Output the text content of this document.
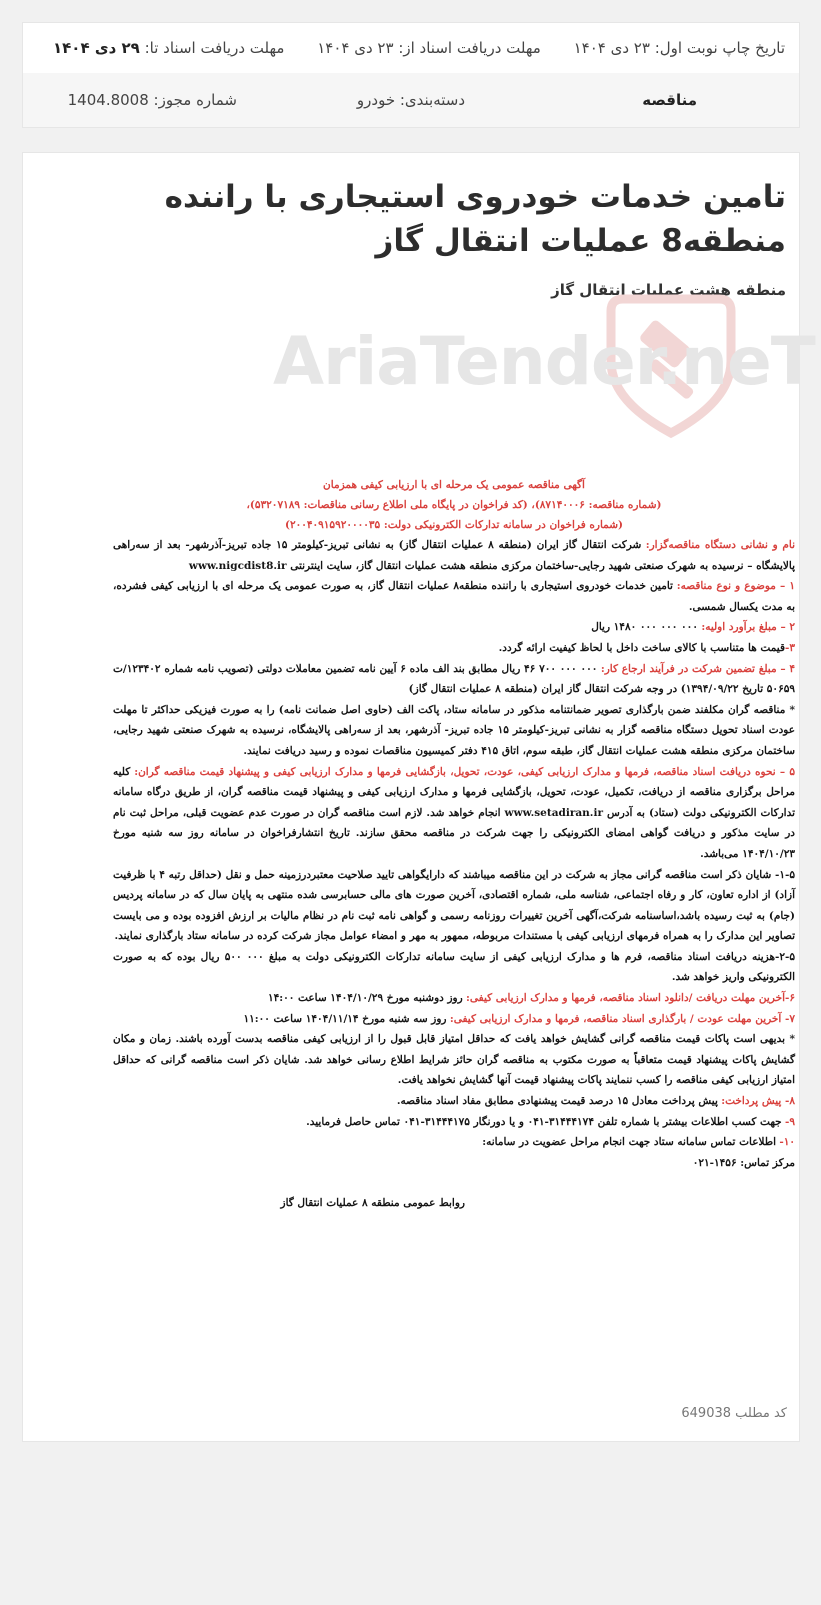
تاریخ چاپ نوبت اول: ۲۳ دی ۱۴۰۴
مهلت دریافت اسناد از: ۲۳ دی ۱۴۰۴
مهلت دریافت اسناد تا: ۲۹ دی ۱۴۰۴
مناقصه
دسته‌بندی: خودرو
شماره مجوز: 1404.8008
تامین خدمات خودروی استیجاری با راننده منطقه8 عملیات انتقال گاز
منطقه هشت عملیات انتقال گاز
AriaTender.neT
آگهی مناقصه عمومی یک مرحله ای با ارزیابی کیفی همزمان
(شماره مناقصه: ۸۷۱۴۰۰۰۶)، (کد فراخوان در پایگاه ملی اطلاع رسانی مناقصات: ۵۳۲۰۷۱۸۹)،
(شماره فراخوان در سامانه تدارکات الکترونیکی دولت: ۲۰۰۴۰۹۱۵۹۲۰۰۰۰۳۵)

نام و نشانی دستگاه مناقصه‌گزار: شرکت انتقال گاز ایران (منطقه ۸ عملیات انتقال گاز) به نشانی تبریز-کیلومتر ۱۵ جاده تبریز-آذرشهر- بعد از سه‌راهی پالایشگاه – نرسیده به شهرک صنعتی شهید رجایی-ساختمان مرکزی منطقه هشت عملیات انتقال گاز، سایت اینترنتی www.nigcdist8.ir

۱ – موضوع و نوع مناقصه: تامین خدمات خودروی استیجاری با راننده منطقه۸ عملیات انتقال گاز، به صورت عمومی یک مرحله ای با ارزیابی کیفی فشرده، به مدت یکسال شمسی.

۲ – مبلغ برآورد اولیه: ۰۰۰ ۰۰۰ ۰۰۰ ۱۴۸۰ ریال

۳-قیمت ها متناسب با کالای ساخت داخل با لحاظ کیفیت ارائه گردد.

۴ – مبلغ تضمین شرکت در فرآیند ارجاع کار: ۰۰۰ ۰۰۰ ۷۰۰ ۴۶ ریال مطابق بند الف ماده ۶ آیین نامه تضمین معاملات دولتی (تصویب نامه شماره ۱۲۳۴۰۲/ت ۵۰۶۵۹ تاریخ ۱۳۹۴/۰۹/۲۲) در وجه شرکت انتقال گاز ایران (منطقه ۸ عملیات انتقال گاز)

* مناقصه گران مکلفند ضمن بارگذاری تصویر ضمانتنامه مذکور در سامانه ستاد، پاکت الف (حاوی اصل ضمانت نامه) را به صورت فیزیکی حداکثر تا مهلت عودت اسناد تحویل دستگاه مناقصه گزار به نشانی تبریز-کیلومتر ۱۵ جاده تبریز- آذرشهر، بعد از سه‌راهی پالایشگاه، نرسیده به شهرک صنعتی شهید رجایی، ساختمان مرکزی منطقه هشت عملیات انتقال گاز، طبقه سوم، اتاق ۴۱۵ دفتر کمیسیون مناقصات نموده و رسید دریافت نمایند.

۵ – نحوه دریافت اسناد مناقصه، فرمها و مدارک ارزیابی کیفی، عودت، تحویل، بازگشایی فرمها و مدارک ارزیابی کیفی و پیشنهاد قیمت مناقصه گران: کلیه مراحل برگزاری مناقصه از دریافت، تکمیل، عودت، تحویل، بازگشایی فرمها و مدارک ارزیابی کیفی و پیشنهاد قیمت مناقصه گران، از طریق درگاه سامانه تدارکات الکترونیکی دولت (ستاد) به آدرس www.setadiran.ir انجام خواهد شد. لازم است مناقصه گران در صورت عدم عضویت قبلی، مراحل ثبت نام در سایت مذکور و دریافت گواهی امضای الکترونیکی را جهت شرکت در مناقصه محقق سازند. تاریخ انتشارفراخوان در سامانه روز سه شنبه مورخ ۱۴۰۴/۱۰/۲۳ می‌باشد.

۱-۵- شایان ذکر است مناقصه گرانی مجاز به شرکت در این مناقصه میباشند که دارایگواهی تایید صلاحیت معتبردرزمینه حمل و نقل (حداقل رتبه ۴ با ظرفیت آزاد) از اداره تعاون، کار و رفاه اجتماعی، شناسه ملی، شماره اقتصادی، آخرین صورت های مالی حسابرسی شده منتهی به پایان سال که در سامانه پردیس (جام) به ثبت رسیده باشد،اساسنامه شرکت،آگهی آخرین تغییرات روزنامه رسمی و گواهی نامه ثبت نام در نظام مالیات بر ارزش افزوده بوده و می بایست تصاویر این مدارک را به همراه فرمهای ارزیابی کیفی با مستندات مربوطه، ممهور به مهر و امضاء عوامل مجاز شرکت کرده در سامانه ستاد بارگذاری نمایند.

۲-۵-هزینه دریافت اسناد مناقصه، فرم ها و مدارک ارزیابی کیفی از سایت سامانه تدارکات الکترونیکی دولت به مبلغ ۰۰۰ ۵۰۰ ریال بوده که به صورت الکترونیکی واریز خواهد شد.

۶-آخرین مهلت دریافت /دانلود اسناد مناقصه، فرمها و مدارک ارزیابی کیفی: روز دوشنبه مورخ ۱۴۰۴/۱۰/۲۹ ساعت ۱۴:۰۰

۷- آخرین مهلت عودت / بارگذاری اسناد مناقصه، فرمها و مدارک ارزیابی کیفی: روز سه شنبه مورخ ۱۴۰۴/۱۱/۱۴ ساعت ۱۱:۰۰

* بدیهی است پاکات قیمت مناقصه گرانی گشایش خواهد یافت که حداقل امتیاز قابل قبول را از ارزیابی کیفی مناقصه بدست آورده باشند. زمان و مکان گشایش پاکات پیشنهاد قیمت متعاقباً به صورت مکتوب به مناقصه گران حائز شرایط اطلاع رسانی خواهد شد. شایان ذکر است مناقصه گرانی که حداقل امتیاز ارزیابی کیفی مناقصه را کسب ننمایند پاکات پیشنهاد قیمت آنها گشایش نخواهد یافت.

۸- پیش پرداخت: پیش پرداخت معادل ۱۵ درصد قیمت پیشنهادی مطابق مفاد اسناد مناقصه.

۹- جهت کسب اطلاعات بیشتر با شماره تلفن ۳۱۴۴۴۱۷۴-۰۴۱ و یا دورنگار ۳۱۴۴۴۱۷۵-۰۴۱ تماس حاصل فرمایید.

۱۰- اطلاعات تماس سامانه ستاد جهت انجام مراحل عضویت در سامانه:

مرکز تماس: ۱۴۵۶-۰۲۱

روابط عمومی منطقه ۸ عملیات انتقال گاز

کد مطلب 649038
